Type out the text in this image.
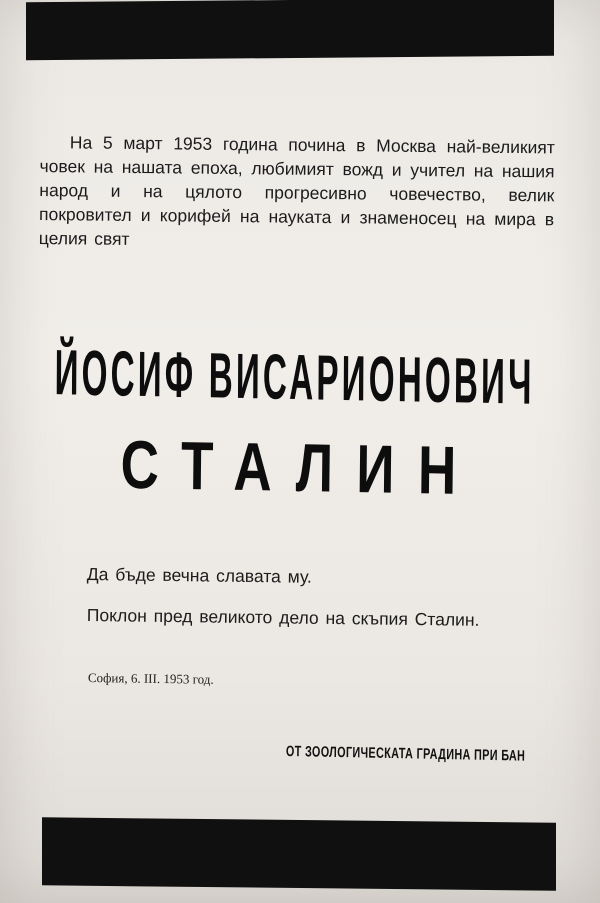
На 5 март 1953 година почина в Москва най-великият човек на нашата епоха, любимият вожд и учител на нашия народ и на цялото прогресивно човечество, велик покровител и корифей на науката и знаменосец на мира в целия свят
ЙОСИФ ВИСАРИОНОВИЧ
СТАЛИН
Да бъде вечна славата му.
Поклон пред великото дело на скъпия Сталин.
София, 6. III. 1953 год.
ОТ ЗООЛОГИЧЕСКАТА ГРАДИНА ПРИ БАН
